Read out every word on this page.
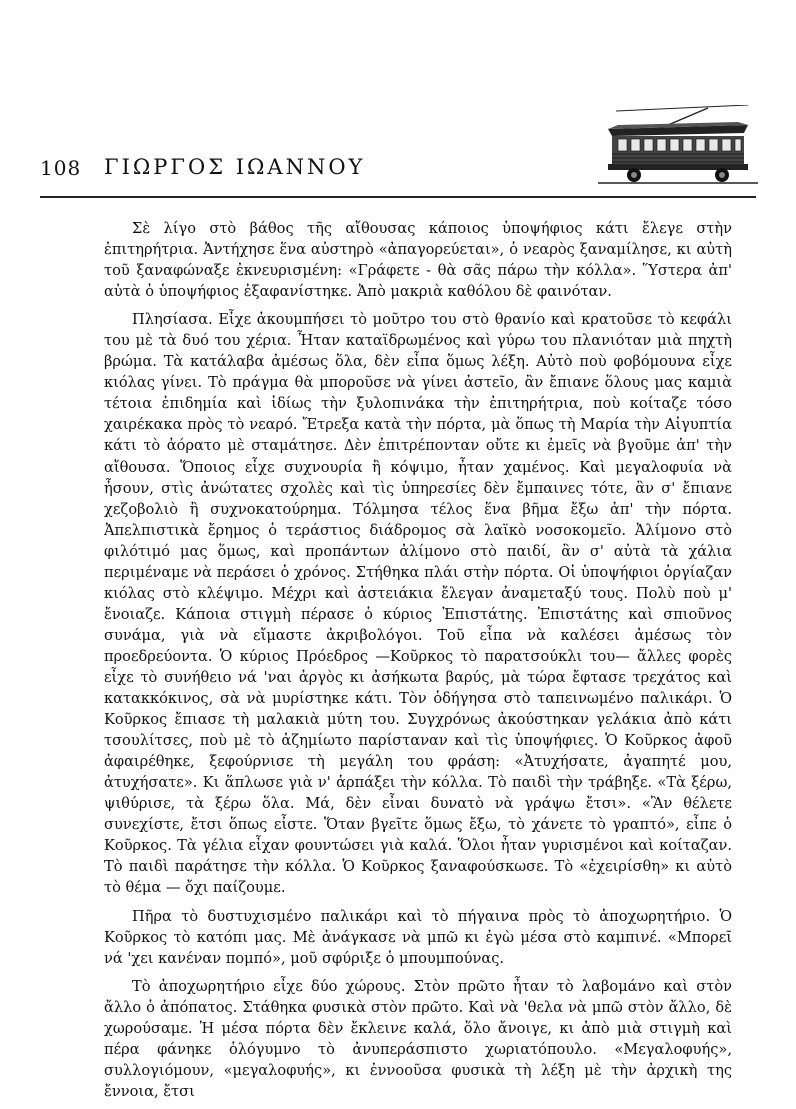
108 ΓΙΩΡΓΟΣ ΙΩΑΝΝΟΥ

Σὲ λίγο στὸ βάθος τῆς αἴθουσας κάποιος ὑποψήφιος κάτι ἔλεγε στὴν ἐπιτηρήτρια. Ἀντήχησε ἕνα αὐστηρὸ «ἀπαγορεύεται», ὁ νεαρὸς ξαναμίλησε, κι αὐτὴ τοῦ ξαναφώναξε ἐκνευρισμένη: «Γράφετε - θὰ σᾶς πάρω τὴν κόλλα». Ὕστερα ἀπ' αὐτὰ ὁ ὑποψήφιος ἐξαφανίστηκε. Ἀπὸ μακριὰ καθόλου δὲ φαινόταν.

Πλησίασα. Εἶχε ἀκουμπήσει τὸ μοῦτρο του στὸ θρανίο καὶ κρατοῦσε τὸ κεφάλι του μὲ τὰ δυό του χέρια. Ἦταν καταϊδρωμένος καὶ γύρω του πλανιόταν μιὰ πηχτὴ βρώμα. Τὰ κατάλαβα ἀμέσως ὅλα, δὲν εἶπα ὅμως λέξη. Αὐτὸ ποὺ φοβόμουνα εἶχε κιόλας γίνει. Τὸ πράγμα θὰ μποροῦσε νὰ γίνει ἀστεῖο, ἂν ἔπιανε ὅλους μας καμιὰ τέτοια ἐπιδημία καὶ ἰδίως τὴν ξυλοπινάκα τὴν ἐπιτηρήτρια, ποὺ κοίταζε τόσο χαιρέκακα πρὸς τὸ νεαρό. Ἔτρεξα κατὰ τὴν πόρτα, μὰ ὅπως τὴ Μαρία τὴν Αἰγυπτία κάτι τὸ ἀόρατο μὲ σταμάτησε. Δὲν ἐπιτρέπονταν οὔτε κι ἐμεῖς νὰ βγοῦμε ἀπ' τὴν αἴθουσα. Ὅποιος εἶχε συχνουρία ἢ κόψιμο, ἦταν χαμένος. Καὶ μεγαλοφυία νὰ ἦσουν, στὶς ἀνώτατες σχολὲς καὶ τὶς ὑπηρεσίες δὲν ἔμπαινες τότε, ἂν σ' ἔπιανε χεζοβολιὸ ἢ συχνοκατούρημα. Τόλμησα τέλος ἕνα βῆμα ἔξω ἀπ' τὴν πόρτα. Ἀπελπιστικὰ ἔρημος ὁ τεράστιος διάδρομος σὰ λαϊκὸ νοσοκομεῖο. Ἀλίμονο στὸ φιλότιμό μας ὅμως, καὶ προπάντων ἀλίμονο στὸ παιδί, ἂν σ' αὐτὰ τὰ χάλια περιμέναμε νὰ περάσει ὁ χρόνος. Στήθηκα πλάι στὴν πόρτα. Οἱ ὑποψήφιοι ὀργίαζαν κιόλας στὸ κλέψιμο. Μέχρι καὶ ἀστειάκια ἔλεγαν ἀναμεταξύ τους. Πολὺ ποὺ μ' ἔνοιαζε. Κάποια στιγμὴ πέρασε ὁ κύριος Ἐπιστάτης. Ἐπιστάτης καὶ σπιοῦνος συνάμα, γιὰ νὰ εἴμαστε ἀκριβολόγοι. Τοῦ εἶπα νὰ καλέσει ἀμέσως τὸν προεδρεύοντα. Ὁ κύριος Πρόεδρος —Κοῦρκος τὸ παρατσούκλι του— ἄλλες φορὲς εἶχε τὸ συνήθειο νά 'ναι ἀργὸς κι ἀσήκωτα βαρύς, μὰ τώρα ἔφτασε τρεχάτος καὶ κατακκόκινος, σὰ νὰ μυρίστηκε κάτι. Τὸν ὁδήγησα στὸ ταπεινωμένο παλικάρι. Ὁ Κοῦρκος ἔπιασε τὴ μαλακιὰ μύτη του. Συγχρόνως ἀκούστηκαν γελάκια ἀπὸ κάτι τσουλίτσες, ποὺ μὲ τὸ ἀζημίωτο παρίσταναν καὶ τὶς ὑποψήφιες. Ὁ Κοῦρκος ἀφοῦ ἀφαιρέθηκε, ξεφούρνισε τὴ μεγάλη του φράση: «Ἀτυχήσατε, ἀγαπητέ μου, ἀτυχήσατε». Κι ἅπλωσε γιὰ ν' ἁρπάξει τὴν κόλλα. Τὸ παιδὶ τὴν τράβηξε. «Τὰ ξέρω, ψιθύρισε, τὰ ξέρω ὅλα. Μά, δὲν εἶναι δυνατὸ νὰ γράψω ἔτσι». «Ἂν θέλετε συνεχίστε, ἔτσι ὅπως εἶστε. Ὅταν βγεῖτε ὅμως ἔξω, τὸ χάνετε τὸ γραπτό», εἶπε ὁ Κοῦρκος. Τὰ γέλια εἶχαν φουντώσει γιὰ καλά. Ὅλοι ἦταν γυρισμένοι καὶ κοίταζαν. Τὸ παιδὶ παράτησε τὴν κόλλα. Ὁ Κοῦρκος ξαναφούσκωσε. Τὸ «ἐχειρίσθη» κι αὐτὸ τὸ θέμα — ὄχι παίζουμε.

Πῆρα τὸ δυστυχισμένο παλικάρι καὶ τὸ πήγαινα πρὸς τὸ ἀποχωρητήριο. Ὁ Κοῦρκος τὸ κατόπι μας. Μὲ ἀνάγκασε νὰ μπῶ κι ἐγὼ μέσα στὸ καμπινέ. «Μπορεῖ νά 'χει κανέναν πομπό», μοῦ σφύριξε ὁ μπουμπούνας.

Τὸ ἀποχωρητήριο εἶχε δύο χώρους. Στὸν πρῶτο ἦταν τὸ λαβομάνο καὶ στὸν ἄλλο ὁ ἀπόπατος. Στάθηκα φυσικὰ στὸν πρῶτο. Καὶ νὰ 'θελα νὰ μπῶ στὸν ἄλλο, δὲ χωρούσαμε. Ἡ μέσα πόρτα δὲν ἔκλεινε καλά, ὅλο ἄνοιγε, κι ἀπὸ μιὰ στιγμὴ καὶ πέρα φάνηκε ὁλόγυμνο τὸ ἀνυπεράσπιστο χωριατόπουλο. «Μεγαλοφυής», συλλογιόμουν, «μεγαλοφυής», κι ἐννοοῦσα φυσικὰ τὴ λέξη μὲ τὴν ἀρχικὴ της ἔννοια, ἔτσι
